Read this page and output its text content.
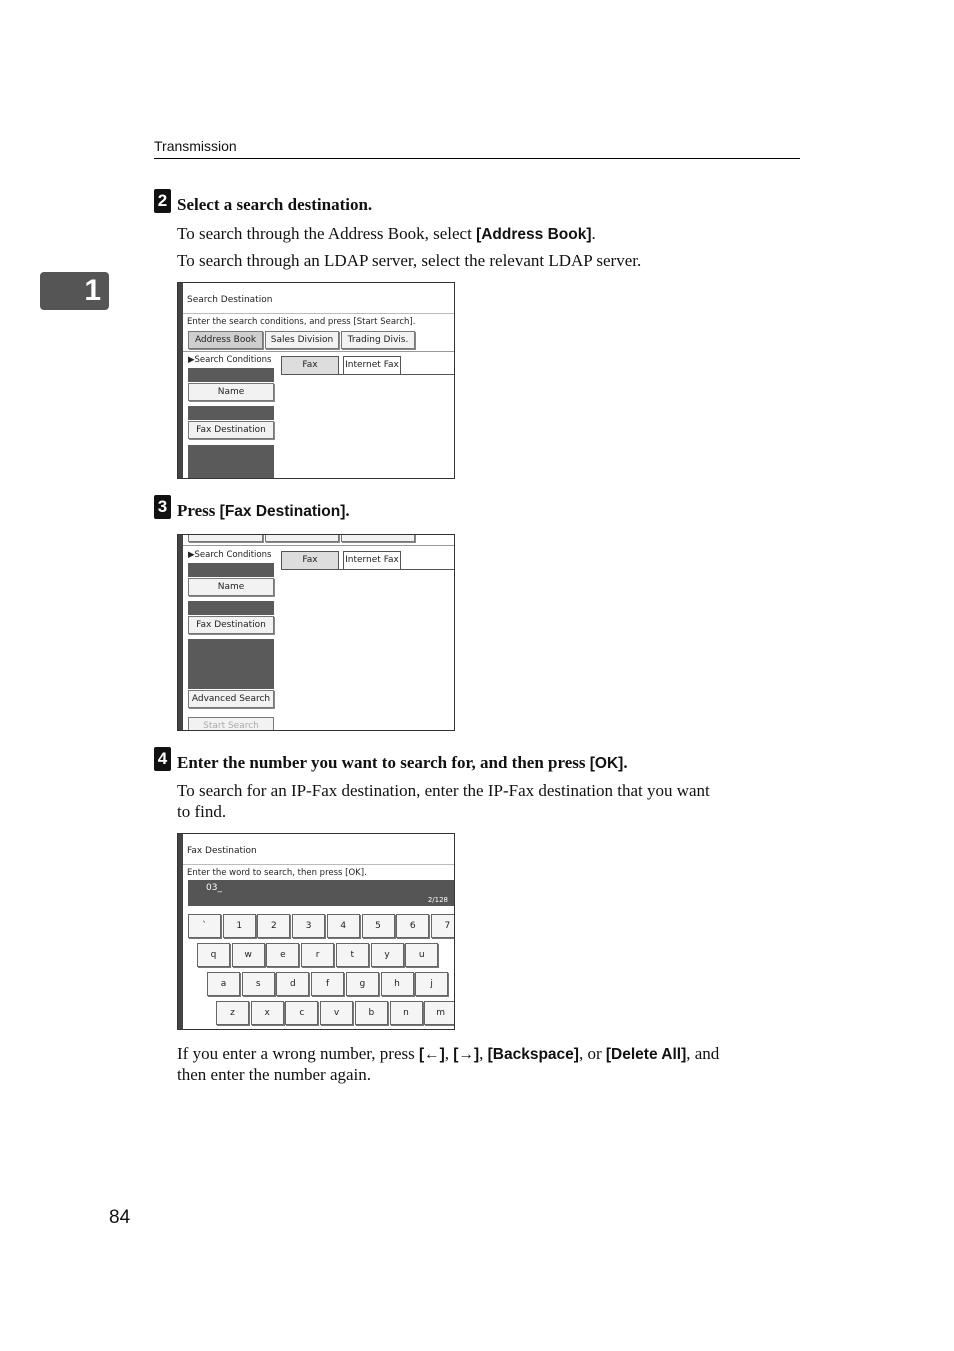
Transmission
1
2 Select a search destination.
To search through the Address Book, select [Address Book].
To search through an LDAP server, select the relevant LDAP server.
Search Destination
Enter the search conditions, and press [Start Search].
Address Book	Sales Division	Trading Divis.
▶Search Conditions
Name
Fax Destination
Fax	Internet Fax
3 Press [Fax Destination].
▶Search Conditions
Name
Fax Destination
Advanced Search
Start Search
Fax	Internet Fax
4 Enter the number you want to search for, and then press [OK].
To search for an IP-Fax destination, enter the IP-Fax destination that you want
to find.
Fax Destination
Enter the word to search, then press [OK].
03_
2/128
`	1	2	3	4	5	6	7
q	w	e	r	t	y	u
a	s	d	f	g	h	j
z	x	c	v	b	n	m
If you enter a wrong number, press [←], [→], [Backspace], or [Delete All], and
then enter the number again.
84
